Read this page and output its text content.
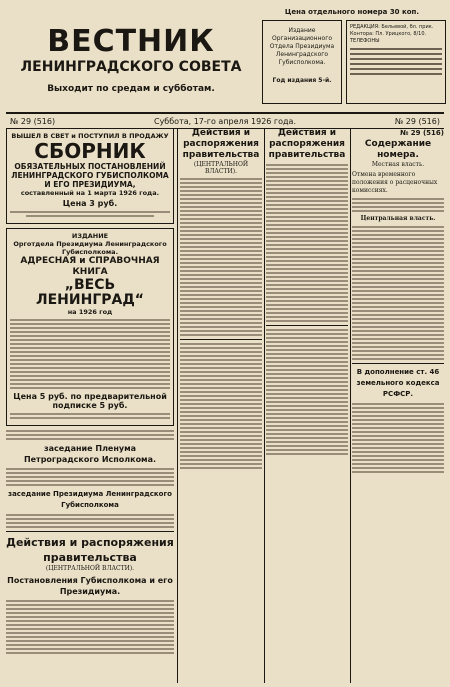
ВЕСТНИК
ЛЕНИНГРАДСКОГО СОВЕТА
Выходит по средам и субботам.
Цена отдельного номера 30 коп.
Издание Организационного Отдела Президиума Ленинградского Губисполкома.
Год издания 5-й.
РЕДАКЦИЯ: Бельевой, бл. прик. Контора: Пл. Урицкого, 8/10. ТЕЛЕФОНЫ
№ 29 (516)	Суббота, 17-го апреля 1926 года.	№ 29 (516)
ВЫШЕЛ В СВЕТ и ПОСТУПИЛ В ПРОДАЖУ
СБОРНИК
ОБЯЗАТЕЛЬНЫХ ПОСТАНОВЛЕНИЙ ЛЕНИНГРАДСКОГО ГУБИСПОЛКОМА И ЕГО ПРЕЗИДИУМА,
составленный на 1 марта 1926 года.
Цена 3 руб.
ИЗДАНИЕ
Орготдела Президиума Ленинградского Губисполкома.
АДРЕСНАЯ и СПРАВОЧНАЯ КНИГА
„ВЕСЬ ЛЕНИНГРАД“
на 1926 год
Цена 5 руб. по предварительной подписке 5 руб.
заседание Пленума Петроградского Исполкома.
заседание Президиума Ленинградского Губисполкома
Действия и распоряжения правительства
(ЦЕНТРАЛЬНОЙ ВЛАСТИ).
Постановления Губисполкома и его Президиума.
Действия и распоряжения правительства
(ЦЕНТРАЛЬНОЙ ВЛАСТИ).
Действия и распоряжения правительства
№ 29 (516)
Содержание номера.
Местная власть.
Отмена временного положения о расценочных комиссиях.
Центральная власть.
В дополнение ст. 46 земельного кодекса РСФСР.
